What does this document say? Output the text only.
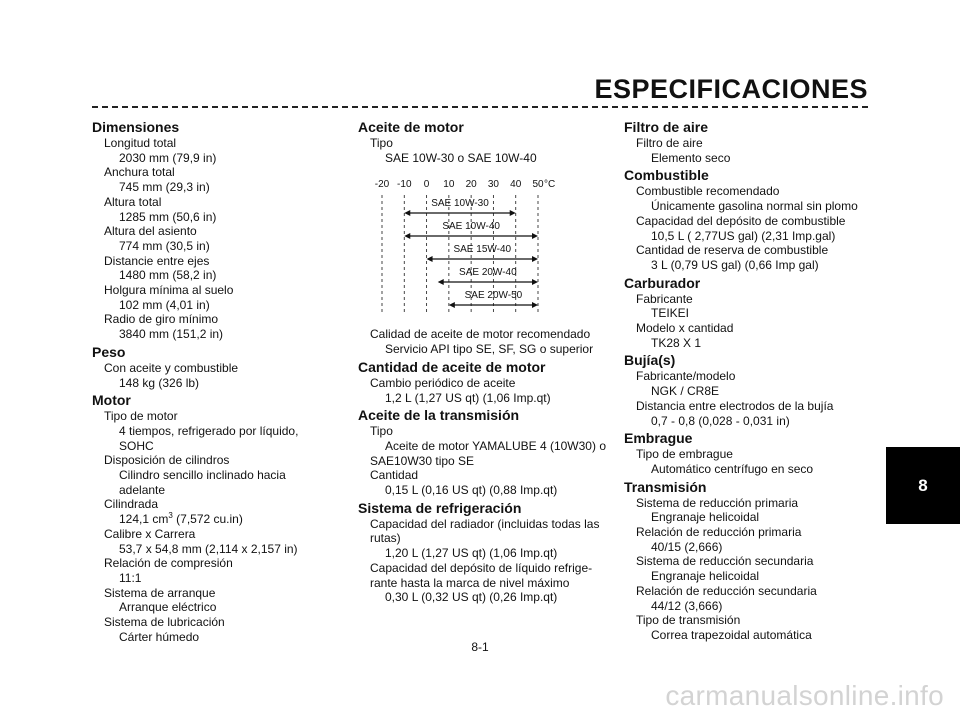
ESPECIFICACIONES
Dimensiones
Longitud total
2030 mm (79,9 in)
Anchura total
745 mm (29,3 in)
Altura total
1285 mm (50,6 in)
Altura del asiento
774 mm (30,5 in)
Distancie entre ejes
1480 mm (58,2 in)
Holgura mínima al suelo
102 mm (4,01 in)
Radio de giro mínimo
3840 mm (151,2 in)
Peso
Con aceite y combustible
148 kg (326 lb)
Motor
Tipo de motor
4 tiempos, refrigerado por líquido, SOHC
Disposición de cilindros
Cilindro sencillo inclinado hacia adelante
Cilindrada
124,1 $cm^3$ (7,572 cu.in)
Calibre x Carrera
53,7 x 54,8 mm (2,114 x 2,157 in)
Relación de compresión
11:1
Sistema de arranque
Arranque eléctrico
Sistema de lubricación
Cárter húmedo
Aceite de motor
Tipo
SAE 10W-30 o SAE 10W-40
-20 -10 0 10 20 30 40 50 °C
SAE 10W-30
SAE 10W-40
SAE 15W-40
SAE 20W-40
SAE 20W-50
Calidad de aceite de motor recomendado
Servicio API tipo SE, SF, SG o superior
Cantidad de aceite de motor
Cambio periódico de aceite
1,2 L (1,27 US qt) (1,06 Imp.qt)
Aceite de la transmisión
Tipo
Aceite de motor YAMALUBE 4 (10W30) o
SAE10W30 tipo SE
Cantidad
0,15 L (0,16 US qt) (0,88 Imp.qt)
Sistema de refrigeración
Capacidad del radiador (incluidas todas las
rutas)
1,20 L (1,27 US qt) (1,06 Imp.qt)
Capacidad del depósito de líquido refrige-
rante hasta la marca de nivel máximo
0,30 L (0,32 US qt) (0,26 Imp.qt)
Filtro de aire
Filtro de aire
Elemento seco
Combustible
Combustible recomendado
Únicamente gasolina normal sin plomo
Capacidad del depósito de combustible
10,5 L ( 2,77US gal) (2,31 Imp.gal)
Cantidad de reserva de combustible
3 L (0,79 US gal) (0,66 Imp gal)
Carburador
Fabricante
TEIKEI
Modelo x cantidad
TK28 X 1
Bujía(s)
Fabricante/modelo
NGK / CR8E
Distancia entre electrodos de la bujía
0,7 - 0,8 (0,028 - 0,031 in)
Embrague
Tipo de embrague
Automático centrífugo en seco
Transmisión
Sistema de reducción primaria
Engranaje helicoidal
Relación de reducción primaria
40/15 (2,666)
Sistema de reducción secundaria
Engranaje helicoidal
Relación de reducción secundaria
44/12 (3,666)
Tipo de transmisión
Correa trapezoidal automática
8
8-1
carmanualsonline.info
